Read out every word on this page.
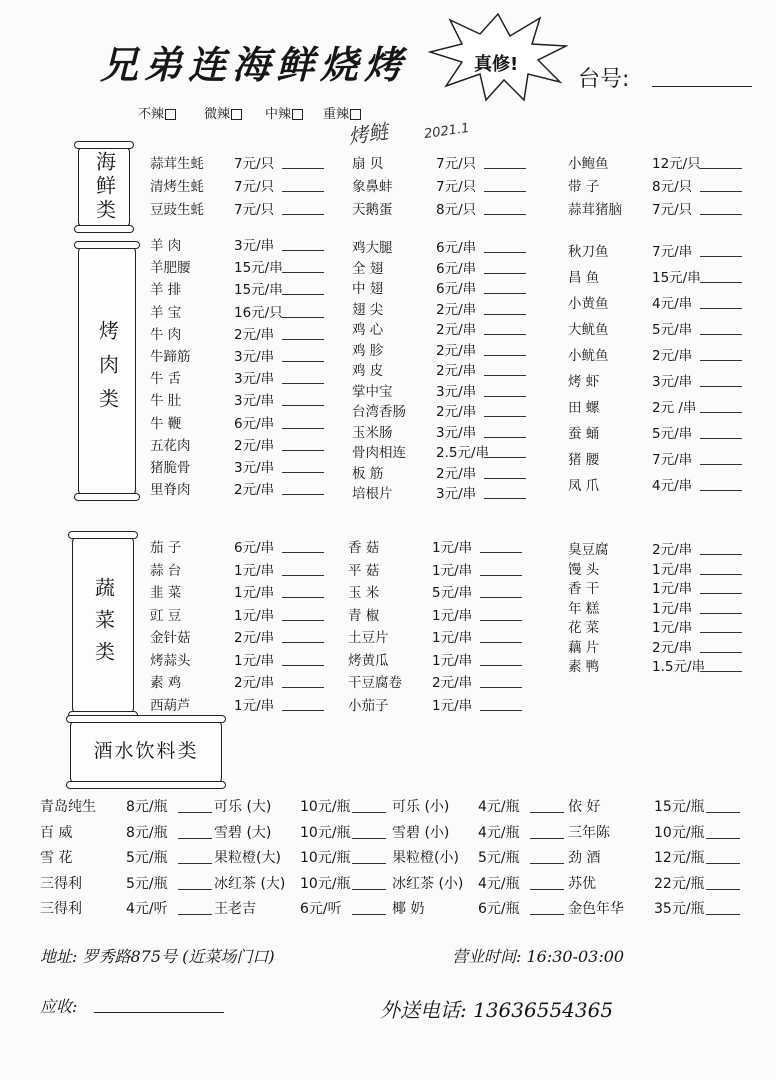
兄弟连海鲜烧烤	真修!
台号:
不辣	微辣	中辣	重辣
烤鲢	2021.1
海鲜类
烤肉类
蔬菜类
酒水饮料类
蒜茸生蚝 7元/只
清烤生蚝 7元/只
豆豉生蚝 7元/只
扇 贝	7元/只
象鼻蚌	7元/只
天鹅蛋	8元/只
小鲍鱼	12元/只
带 子	8元/只
蒜茸猪脑 7元/只
羊 肉	3元/串
羊肥腰	15元/串
羊 排	15元/串
羊 宝	16元/只
牛 肉	2元/串
牛蹄筋	3元/串
牛 舌	3元/串
牛 肚	3元/串
牛 鞭	6元/串
五花肉	2元/串
猪脆骨	3元/串
里脊肉	2元/串
鸡大腿	6元/串
全 翅	6元/串
中 翅	6元/串
翅 尖	2元/串
鸡 心	2元/串
鸡 胗	2元/串
鸡 皮	2元/串
掌中宝	3元/串
台湾香肠 2元/串
玉米肠	3元/串
骨肉相连 2.5元/串
板 筋	2元/串
培根片	3元/串
秋刀鱼	7元/串
昌 鱼	15元/串
小黄鱼	4元/串
大鱿鱼	5元/串
小鱿鱼	2元/串
烤 虾	3元/串
田 螺	2元 /串
蚕 蛹	5元/串
猪 腰	7元/串
凤 爪	4元/串
茄 子	6元/串
蒜 台	1元/串
韭 菜	1元/串
豇 豆	1元/串
金针菇	2元/串
烤蒜头	1元/串
素 鸡	2元/串
西葫芦	1元/串
香 菇	1元/串
平 菇	1元/串
玉 米	5元/串
青 椒	1元/串
土豆片	1元/串
烤黄瓜	1元/串
干豆腐卷 2元/串
小茄子	1元/串
臭豆腐	2元/串
馒 头	1元/串
香 干	1元/串
年 糕	1元/串
花 菜	1元/串
藕 片	2元/串
素 鸭	1.5元/串
青岛纯生 8元/瓶
百 威	8元/瓶
雪 花	5元/瓶
三得利	5元/瓶
三得利	4元/听
可乐 (大) 10元/瓶
雪碧 (大) 10元/瓶
果粒橙(大) 10元/瓶
冰红茶 (大) 10元/瓶
王老吉	6元/听
可乐 (小) 4元/瓶
雪碧 (小) 4元/瓶
果粒橙(小) 5元/瓶
冰红茶 (小) 4元/瓶
椰 奶	6元/瓶
依 好	15元/瓶
三年陈	10元/瓶
劲 酒	12元/瓶
苏优	22元/瓶
金色年华 35元/瓶
地址: 罗秀路875号 (近菜场门口)	营业时间: 16:30-03:00
应收:	外送电话: 13636554365
